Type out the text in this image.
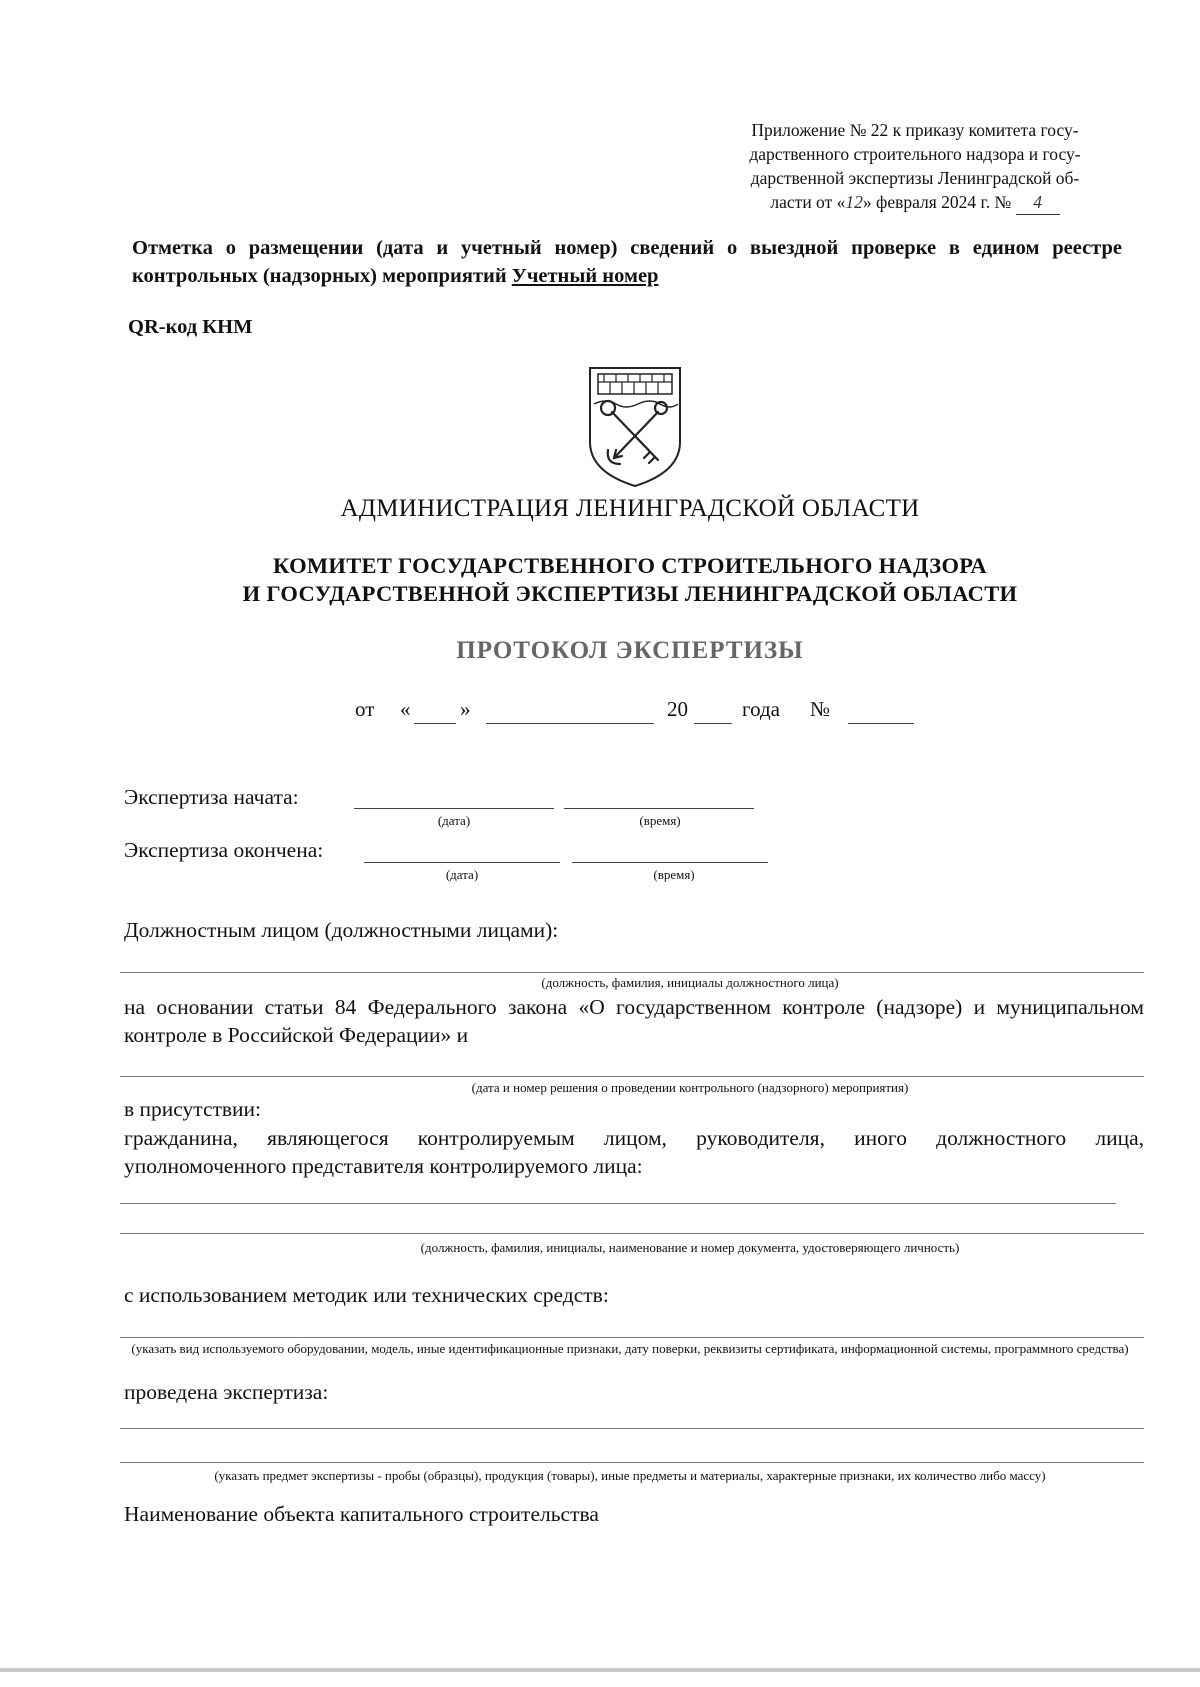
Приложение № 22 к приказу комитета госу-
дарственного строительного надзора и госу-
дарственной экспертизы Ленинградской об-
ласти от «12» февраля 2024 г. № 4
Отметка о размещении (дата и учетный номер) сведений о выездной проверке в едином реестре контрольных (надзорных) мероприятий Учетный номер
QR-код КНМ
АДМИНИСТРАЦИЯ ЛЕНИНГРАДСКОЙ ОБЛАСТИ
КОМИТЕТ ГОСУДАРСТВЕННОГО СТРОИТЕЛЬНОГО НАДЗОРА
И ГОСУДАРСТВЕННОЙ ЭКСПЕРТИЗЫ ЛЕНИНГРАДСКОЙ ОБЛАСТИ
ПРОТОКОЛ ЭКСПЕРТИЗЫ
от « »	20	года №
Экспертиза начата:
(дата)	(время)
Экспертиза окончена:
(дата)	(время)
Должностным лицом (должностными лицами):
(должность, фамилия, инициалы должностного лица)
на основании статьи 84 Федерального закона «О государственном контроле (надзоре) и муниципальном контроле в Российской Федерации» и
(дата и номер решения о проведении контрольного (надзорного) мероприятия)
в присутствии:
гражданина, являющегося контролируемым лицом, руководителя, иного должностного лица, уполномоченного представителя контролируемого лица:
(должность, фамилия, инициалы, наименование и номер документа, удостоверяющего личность)
с использованием методик или технических средств:
(указать вид используемого оборудовании, модель, иные идентификационные признаки, дату поверки, реквизиты сертификата, информационной системы, программного средства)
проведена экспертиза:
(указать предмет экспертизы - пробы (образцы), продукция (товары), иные предметы и материалы, характерные признаки, их количество либо массу)
Наименование объекта капитального строительства
